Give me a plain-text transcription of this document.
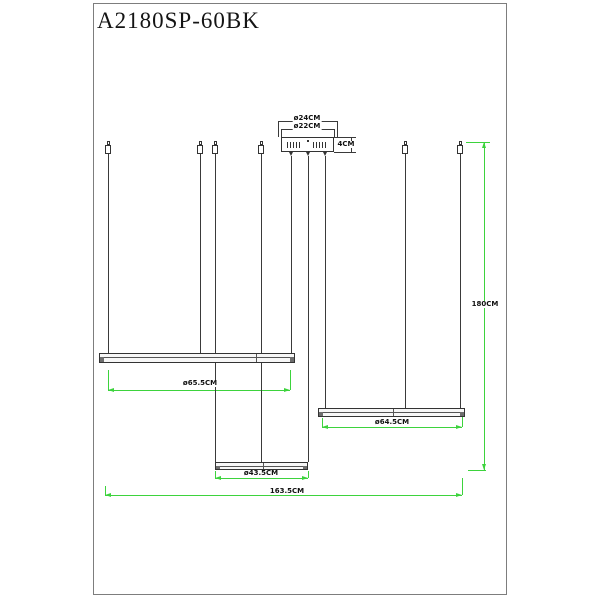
A2180SP-60BK
ø24CM
ø22CM
4CM
ø65.5CM
ø64.5CM
ø43.5CM
163.5CM
180CM
